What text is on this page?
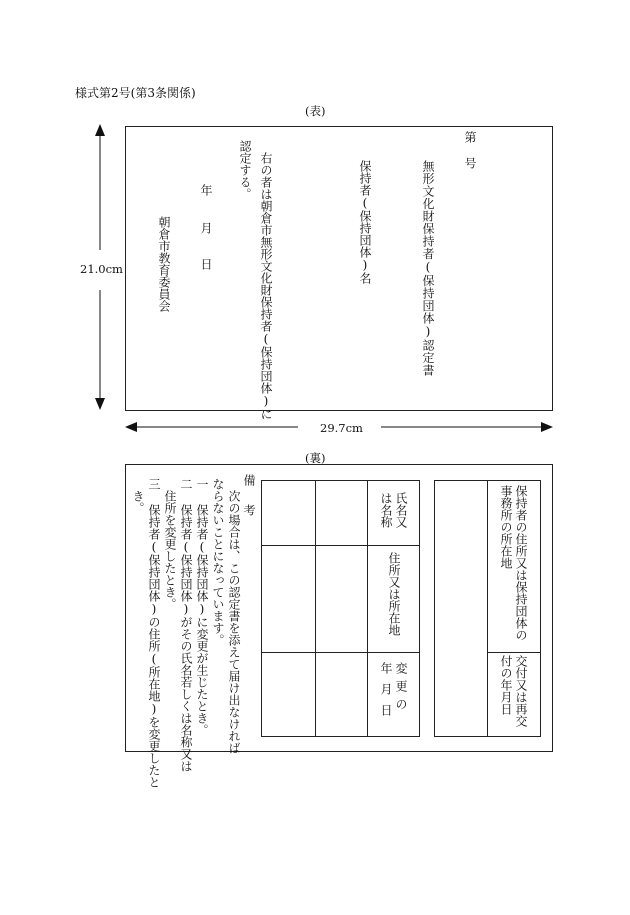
様式第2号(第3条関係)
(表)
21.0cm
第
号
無形文化財保持者(保持団体)認定書
保持者(保持団体)名
右の者は朝倉市無形文化財保持者(保持団体)に
認定する。
年
月
日
朝倉市教育委員会
29.7cm
(裏)
保持者の住所又は保持団体の
事務所の所在地
交付又は再交
付の年月日
氏名又
は名称
住所又は所在地
変更の
年月日
備 考
次の場合は、この認定書を添えて届け出なければ
ならないことになっています。
一 保持者(保持団体)に変更が生じたとき。
二 保持者(保持団体)がその氏名若しくは名称又は
住所を変更したとき。
三 保持者(保持団体)の住所(所在地)を変更したと
き。
